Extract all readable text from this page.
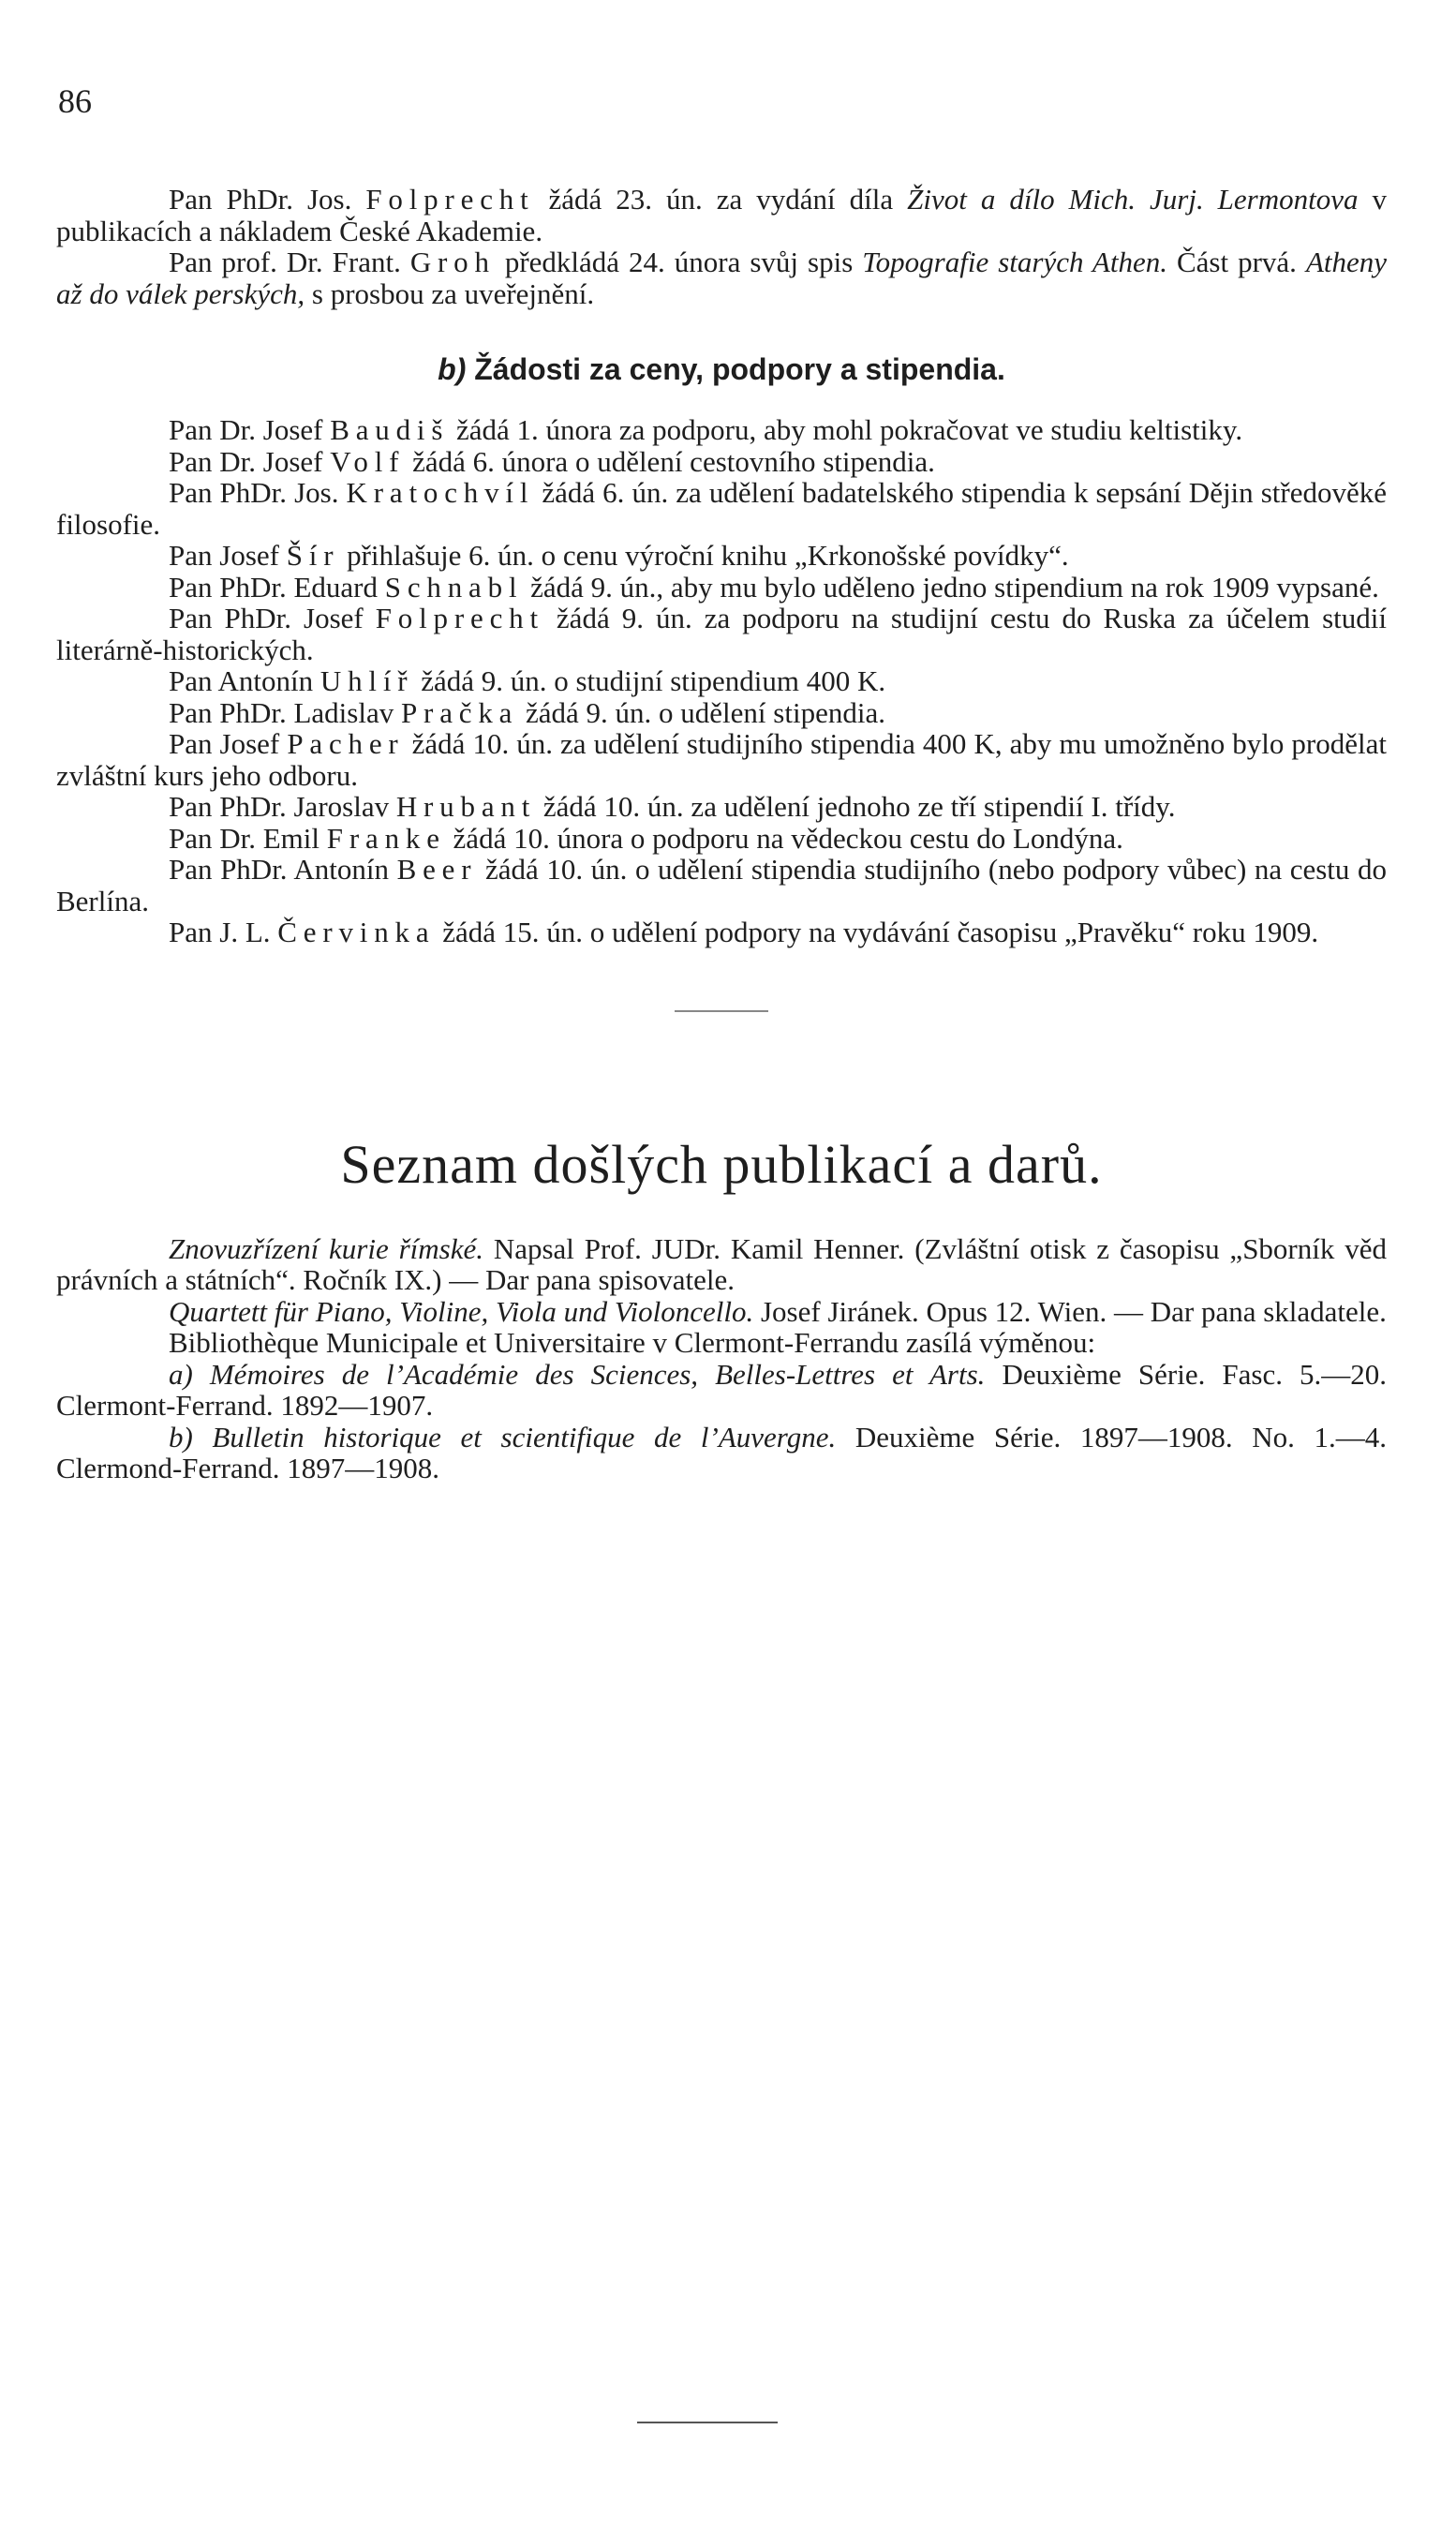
86

Pan PhDr. Jos. Folprecht žádá 23. ún. za vydání díla Život a dílo Mich. Jurj. Lermontova v publikacích a nákladem České Akademie.

Pan prof. Dr. Frant. Groh předkládá 24. února svůj spis Topografie starých Athen. Část prvá. Atheny až do válek perských, s prosbou za uveřejnění.

b) Žádosti za ceny, podpory a stipendia.

Pan Dr. Josef Baudiš žádá 1. února za podporu, aby mohl pokračovat ve studiu keltistiky.

Pan Dr. Josef Volf žádá 6. února o udělení cestovního stipendia.

Pan PhDr. Jos. Kratochvíl žádá 6. ún. za udělení badatelského stipendia k sepsání Dějin středověké filosofie.

Pan Josef Šír přihlašuje 6. ún. o cenu výroční knihu „Krkonošské povídky“.

Pan PhDr. Eduard Schnabl žádá 9. ún., aby mu bylo uděleno jedno stipendium na rok 1909 vypsané.

Pan PhDr. Josef Folprecht žádá 9. ún. za podporu na studijní cestu do Ruska za účelem studií literárně-historických.

Pan Antonín Uhlíř žádá 9. ún. o studijní stipendium 400 K.

Pan PhDr. Ladislav Pračka žádá 9. ún. o udělení stipendia.

Pan Josef Pacher žádá 10. ún. za udělení studijního stipendia 400 K, aby mu umožněno bylo prodělat zvláštní kurs jeho odboru.

Pan PhDr. Jaroslav Hrubant žádá 10. ún. za udělení jednoho ze tří stipendií I. třídy.

Pan Dr. Emil Franke žádá 10. února o podporu na vědeckou cestu do Londýna.

Pan PhDr. Antonín Beer žádá 10. ún. o udělení stipendia studijního (nebo podpory vůbec) na cestu do Berlína.

Pan J. L. Červinka žádá 15. ún. o udělení podpory na vydávání časopisu „Pravěku“ roku 1909.

Seznam došlých publikací a darů.

Znovuzřízení kurie římské. Napsal Prof. JUDr. Kamil Henner. (Zvláštní otisk z časopisu „Sborník věd právních a státních“. Ročník IX.) — Dar pana spisovatele.

Quartett für Piano, Violine, Viola und Violoncello. Josef Jiránek. Opus 12. Wien. — Dar pana skladatele.

Bibliothèque Municipale et Universitaire v Clermont-Ferrandu zasílá výměnou:

a) Mémoires de l’Académie des Sciences, Belles-Lettres et Arts. Deuxième Série. Fasc. 5.—20. Clermont-Ferrand. 1892—1907.

b) Bulletin historique et scientifique de l’Auvergne. Deuxième Série. 1897—1908. No. 1.—4. Clermond-Ferrand. 1897—1908.
